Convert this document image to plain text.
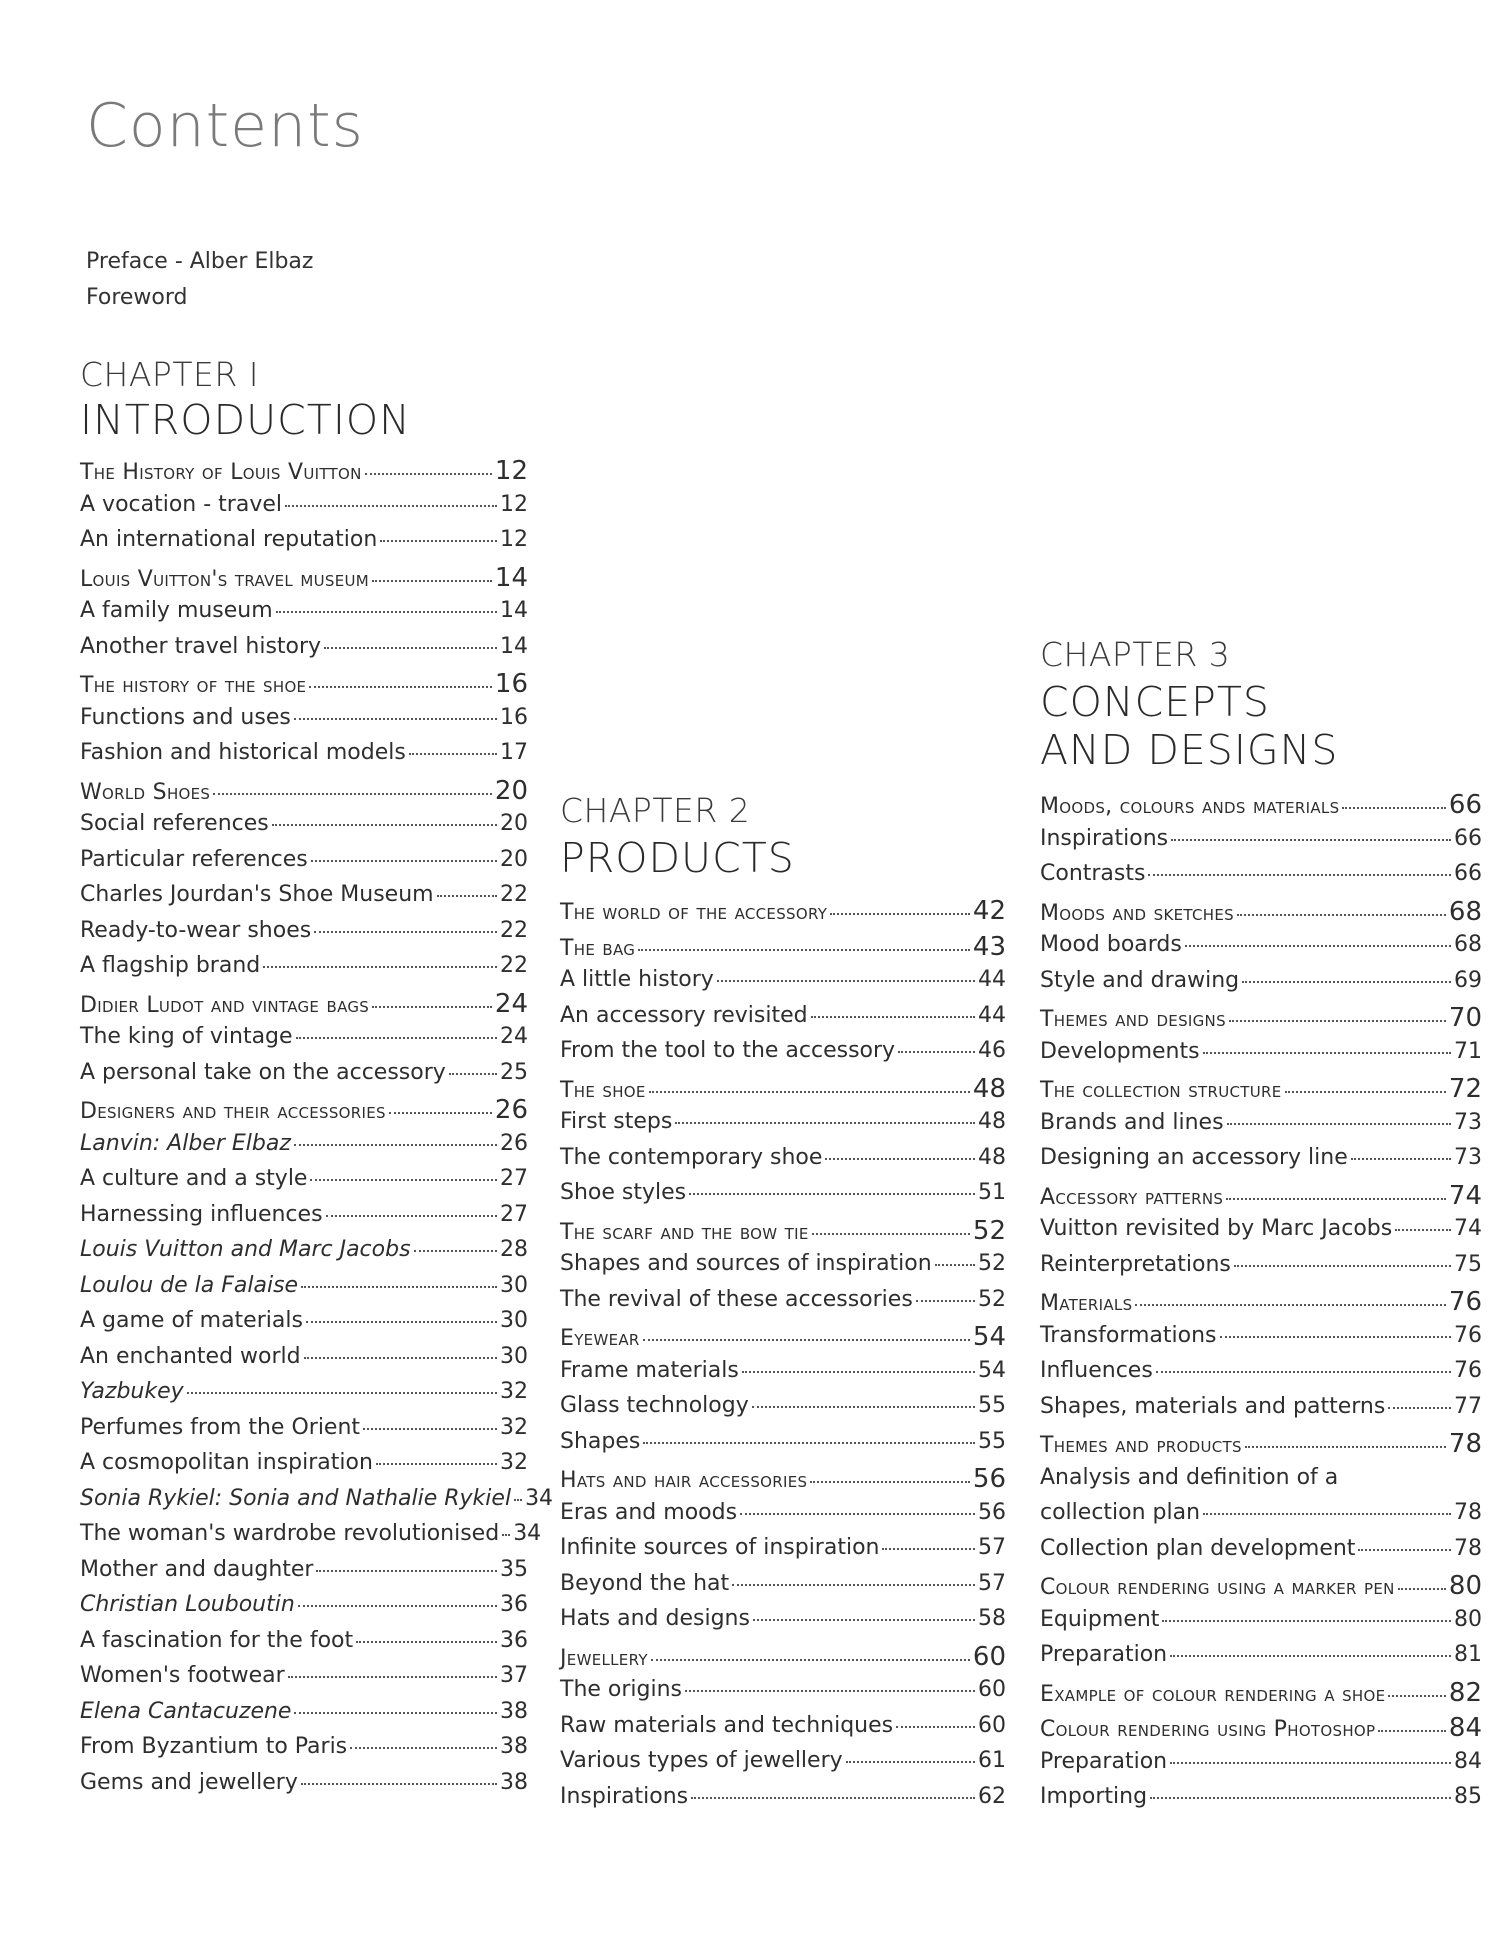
Contents
Preface - Alber Elbaz
Foreword
CHAPTER I
INTRODUCTION
The History of Louis Vuitton	12
A vocation - travel	12
An international reputation	12
Louis Vuitton's travel museum	14
A family museum	14
Another travel history	14
The history of the shoe	16
Functions and uses	16
Fashion and historical models	17
World Shoes	20
Social references	20
Particular references	20
Charles Jourdan's Shoe Museum	22
Ready-to-wear shoes	22
A flagship brand	22
Didier Ludot and vintage bags	24
The king of vintage	24
A personal take on the accessory 25
Designers and their accessories	26
Lanvin: Alber Elbaz	26
A culture and a style	27
Harnessing influences	27
Louis Vuitton and Marc Jacobs	28
Loulou de la Falaise	30
A game of materials	30
An enchanted world	30
Yazbukey	32
Perfumes from the Orient	32
A cosmopolitan inspiration	32
Sonia Rykiel: Sonia and Nathalie Rykiel 34
The woman's wardrobe revolutionised 34
Mother and daughter	35
Christian Louboutin	36
A fascination for the foot	36
Women's footwear	37
Elena Cantacuzene	38
From Byzantium to Paris	38
Gems and jewellery	38
CHAPTER 2
PRODUCTS
The world of the accessory	42
The bag	43
A little history	44
An accessory revisited	44
From the tool to the accessory	46
The shoe	48
First steps	48
The contemporary shoe	48
Shoe styles	51
The scarf and the bow tie	52
Shapes and sources of inspiration 52
The revival of these accessories	52
Eyewear	54
Frame materials	54
Glass technology	55
Shapes	55
Hats and hair accessories	56
Eras and moods	56
Infinite sources of inspiration	57
Beyond the hat	57
Hats and designs	58
Jewellery	60
The origins	60
Raw materials and techniques	60
Various types of jewellery	61
Inspirations	62
CHAPTER 3
CONCEPTS
AND DESIGNS
Moods, colours ands materials	66
Inspirations	66
Contrasts	66
Moods and sketches	68
Mood boards	68
Style and drawing	69
Themes and designs	70
Developments	71
The collection structure	72
Brands and lines	73
Designing an accessory line	73
Accessory patterns	74
Vuitton revisited by Marc Jacobs	74
Reinterpretations	75
Materials	76
Transformations	76
Influences	76
Shapes, materials and patterns	77
Themes and products	78
Analysis and definition of a
collection plan	78
Collection plan development	78
Colour rendering using a marker pen 80
Equipment	80
Preparation	81
Example of colour rendering a shoe 82
Colour rendering using Photoshop	84
Preparation	84
Importing	85
